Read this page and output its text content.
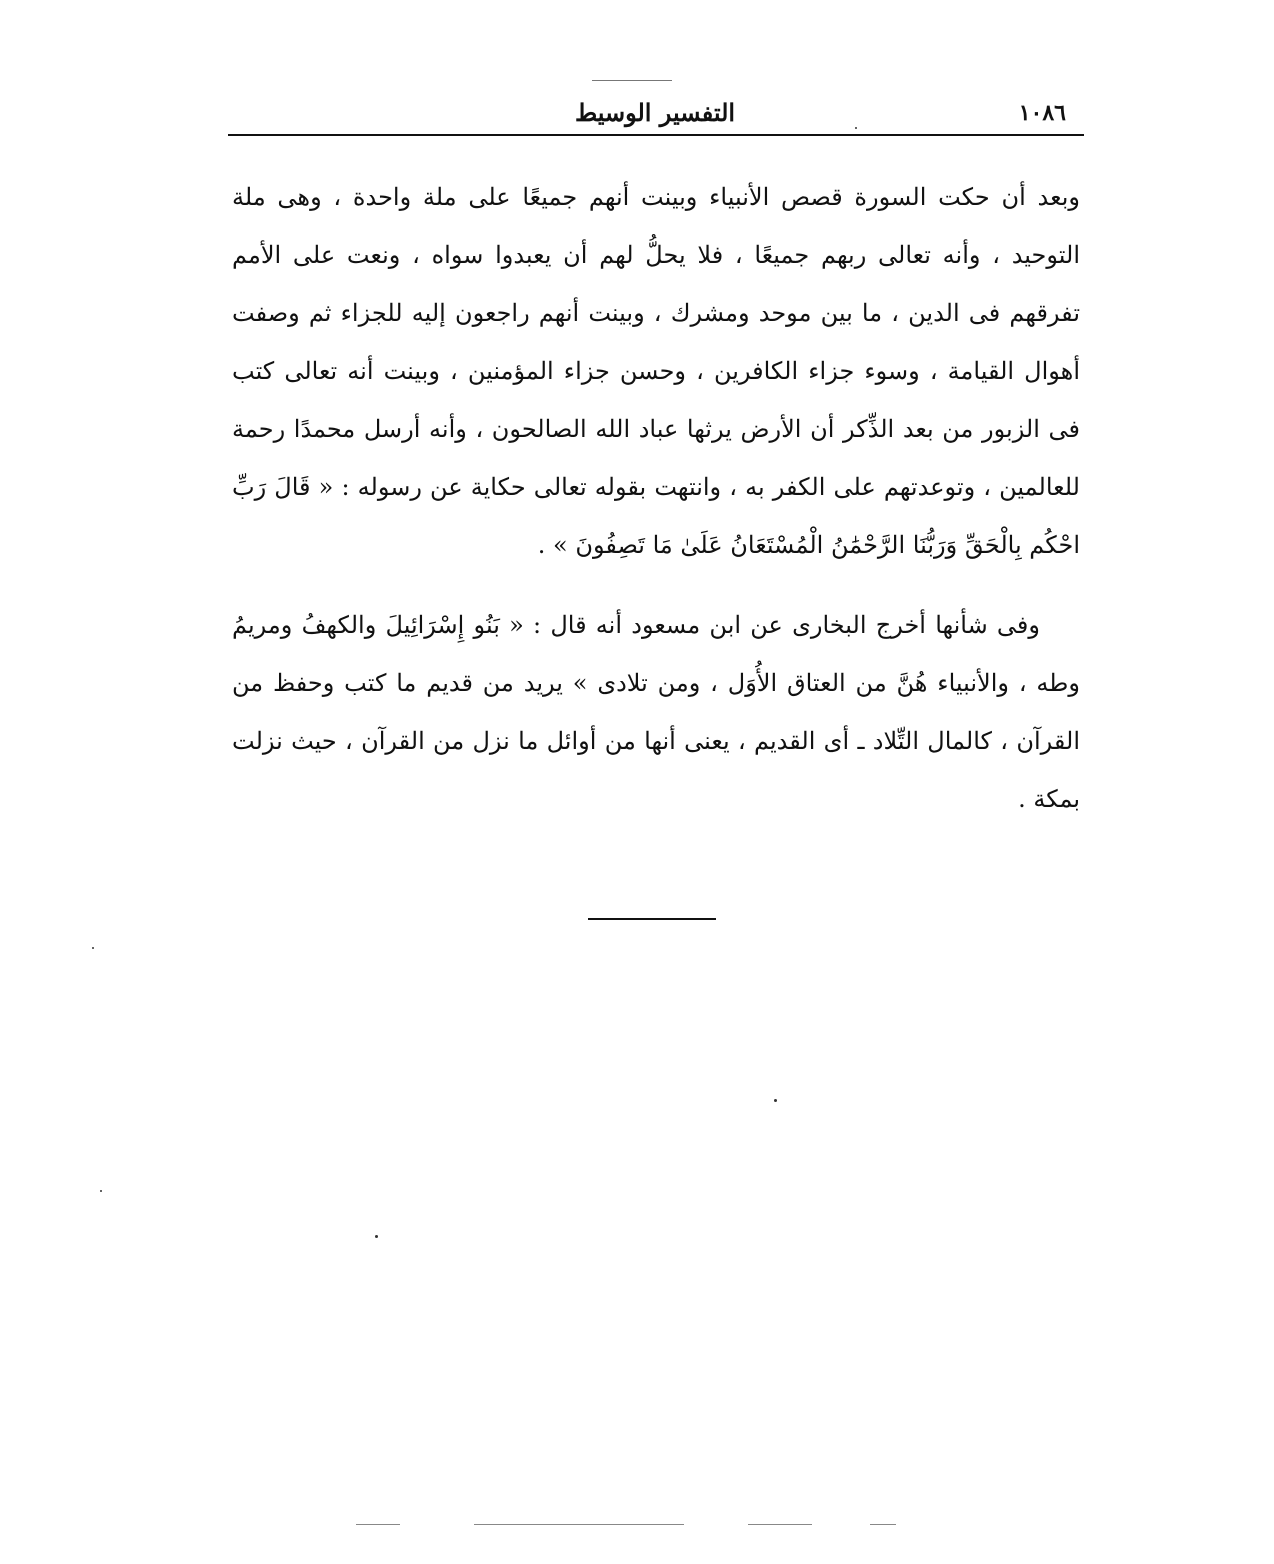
١٠٨٦
التفسير الوسيط

وبعد أن حكت السورة قصص الأنبياء وبينت أنهم جميعًا على ملة واحدة ، وهى ملة التوحيد ، وأنه تعالى ربهم جميعًا ، فلا يحلُّ لهم أن يعبدوا سواه ، ونعت على الأمم تفرقهم فى الدين ، ما بين موحد ومشرك ، وبينت أنهم راجعون إليه للجزاء ثم وصفت أهوال القيامة ، وسوء جزاء الكافرين ، وحسن جزاء المؤمنين ، وبينت أنه تعالى كتب فى الزبور من بعد الذِّكر أن الأرض يرثها عباد الله الصالحون ، وأنه أرسل محمدًا رحمة للعالمين ، وتوعدتهم على الكفر به ، وانتهت بقوله تعالى حكاية عن رسوله : « قَالَ رَبِّ احْكُم بِالْحَقِّ وَرَبُّنَا الرَّحْمَٰنُ الْمُسْتَعَانُ عَلَىٰ مَا تَصِفُونَ » .

وفى شأنها أخرج البخارى عن ابن مسعود أنه قال : « بَنُو إِسْرَائِيلَ والكهفُ ومريمُ وطه ، والأنبياء هُنَّ من العتاق الأُوَل ، ومن تلادى » يريد من قديم ما كتب وحفظ من القرآن ، كالمال التِّلاد ـ أى القديم ، يعنى أنها من أوائل ما نزل من القرآن ، حيث نزلت بمكة .
